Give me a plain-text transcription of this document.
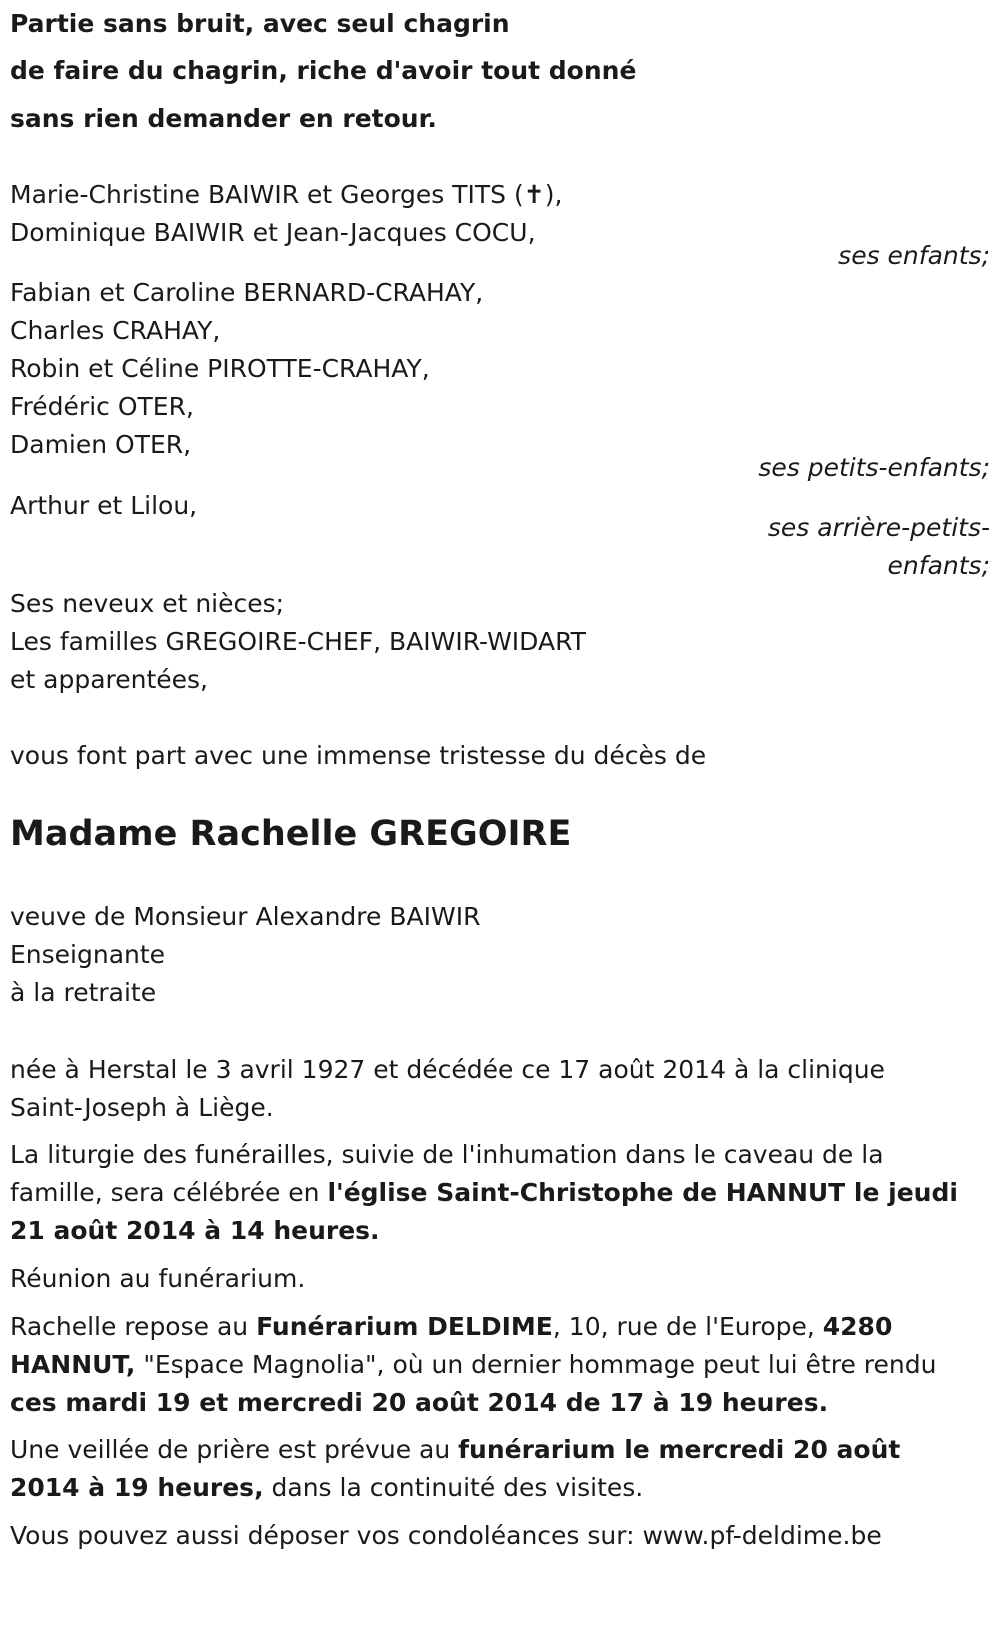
Partie sans bruit, avec seul chagrin
de faire du chagrin, riche d'avoir tout donné
sans rien demander en retour.
Marie-Christine BAIWIR et Georges TITS (✝),
Dominique BAIWIR et Jean-Jacques COCU,
ses enfants;
Fabian et Caroline BERNARD-CRAHAY,
Charles CRAHAY,
Robin et Céline PIROTTE-CRAHAY,
Frédéric OTER,
Damien OTER,
ses petits-enfants;
Arthur et Lilou,
ses arrière-petits-
enfants;
Ses neveux et nièces;
Les familles GREGOIRE-CHEF, BAIWIR-WIDART
et apparentées,
vous font part avec une immense tristesse du décès de
Madame Rachelle GREGOIRE
veuve de Monsieur Alexandre BAIWIR
Enseignante
à la retraite
née à Herstal le 3 avril 1927 et décédée ce 17 août 2014 à la clinique
Saint-Joseph à Liège.
La liturgie des funérailles, suivie de l'inhumation dans le caveau de la
famille, sera célébrée en l'église Saint-Christophe de HANNUT le jeudi
21 août 2014 à 14 heures.
Réunion au funérarium.
Rachelle repose au Funérarium DELDIME, 10, rue de l'Europe, 4280
HANNUT, "Espace Magnolia", où un dernier hommage peut lui être rendu
ces mardi 19 et mercredi 20 août 2014 de 17 à 19 heures.
Une veillée de prière est prévue au funérarium le mercredi 20 août
2014 à 19 heures, dans la continuité des visites.
Vous pouvez aussi déposer vos condoléances sur: www.pf-deldime.be
